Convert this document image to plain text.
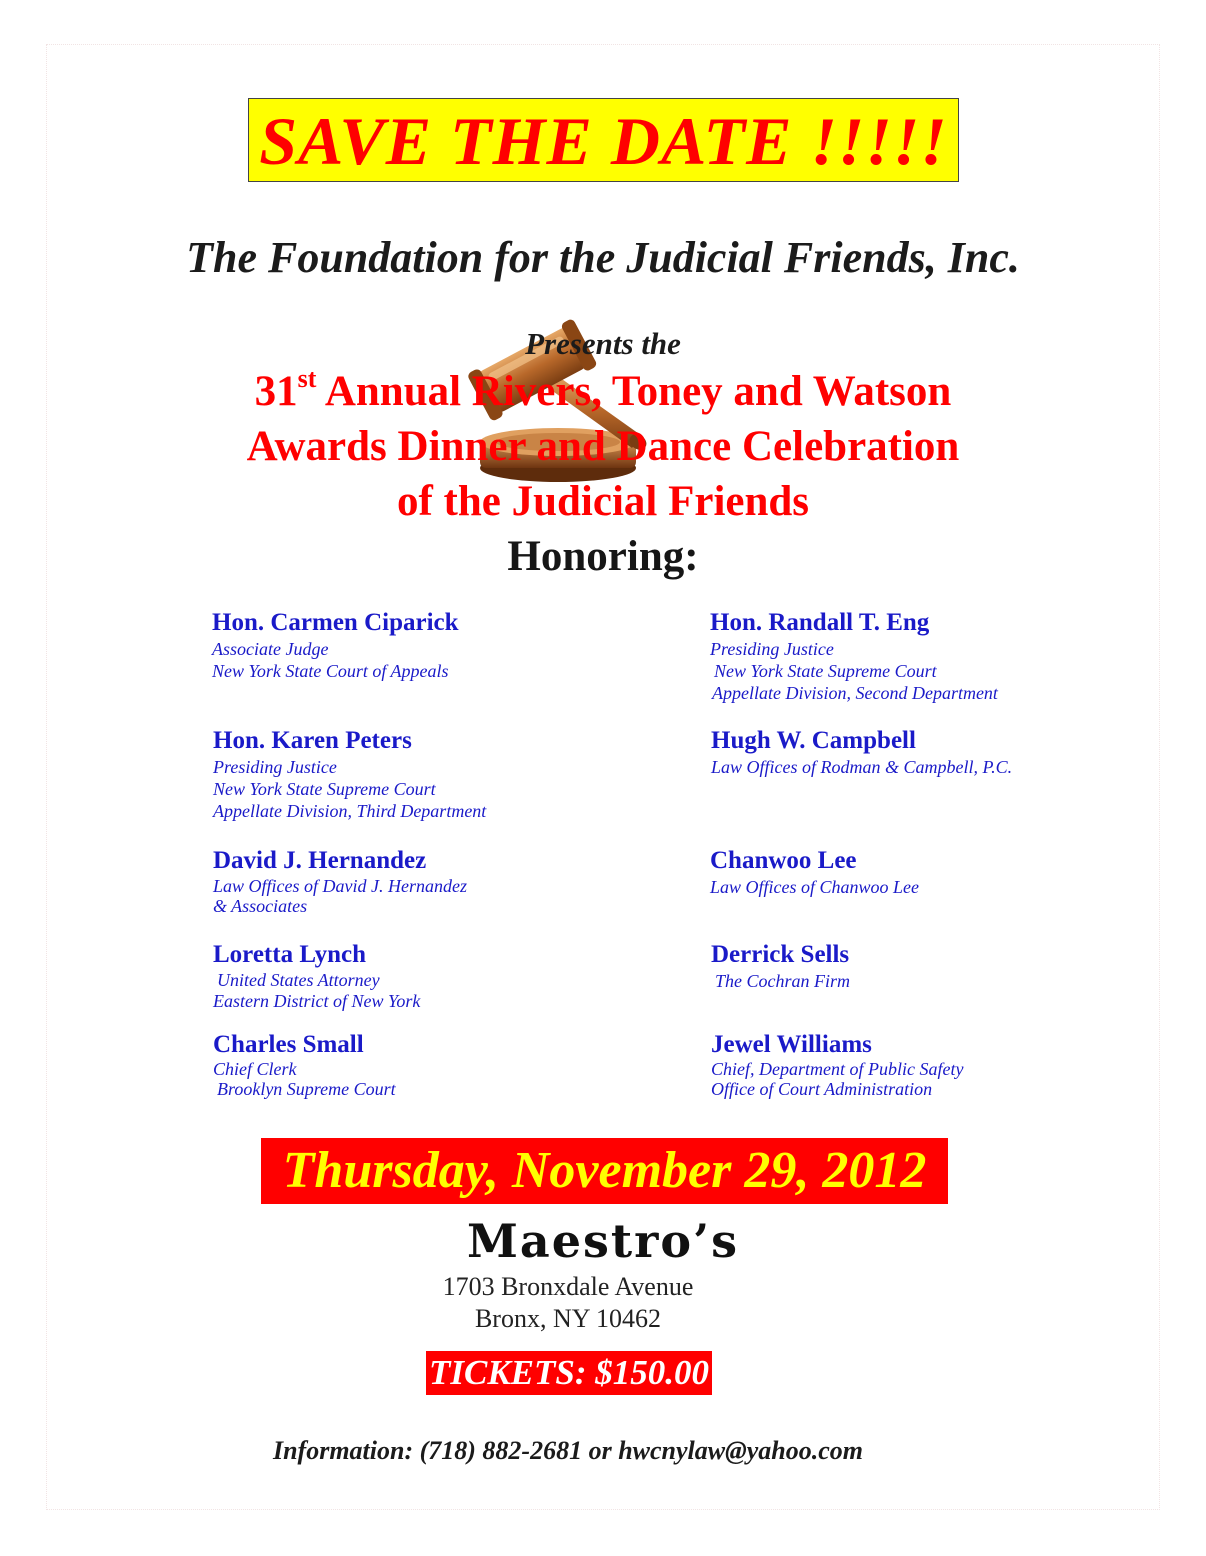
SAVE THE DATE !!!!!
The Foundation for the Judicial Friends, Inc.
Presents the
31st Annual Rivers, Toney and Watson
Awards Dinner and Dance Celebration
of the Judicial Friends
Honoring:
Hon. Carmen Ciparick
Associate Judge
New York State Court of Appeals
Hon. Randall T. Eng
Presiding Justice
New York State Supreme Court
Appellate Division, Second Department
Hon. Karen Peters
Presiding Justice
New York State Supreme Court
Appellate Division, Third Department
Hugh W. Campbell
Law Offices of Rodman & Campbell, P.C.
David J. Hernandez
Law Offices of David J. Hernandez
& Associates
Chanwoo Lee
Law Offices of Chanwoo Lee
Loretta Lynch
United States Attorney
Eastern District of New York
Derrick Sells
The Cochran Firm
Charles Small
Chief Clerk
Brooklyn Supreme Court
Jewel Williams
Chief, Department of Public Safety
Office of Court Administration
Thursday, November 29, 2012
Maestro’s
1703 Bronxdale Avenue
Bronx, NY 10462
TICKETS: $150.00
Information: (718) 882-2681 or hwcnylaw@yahoo.com
